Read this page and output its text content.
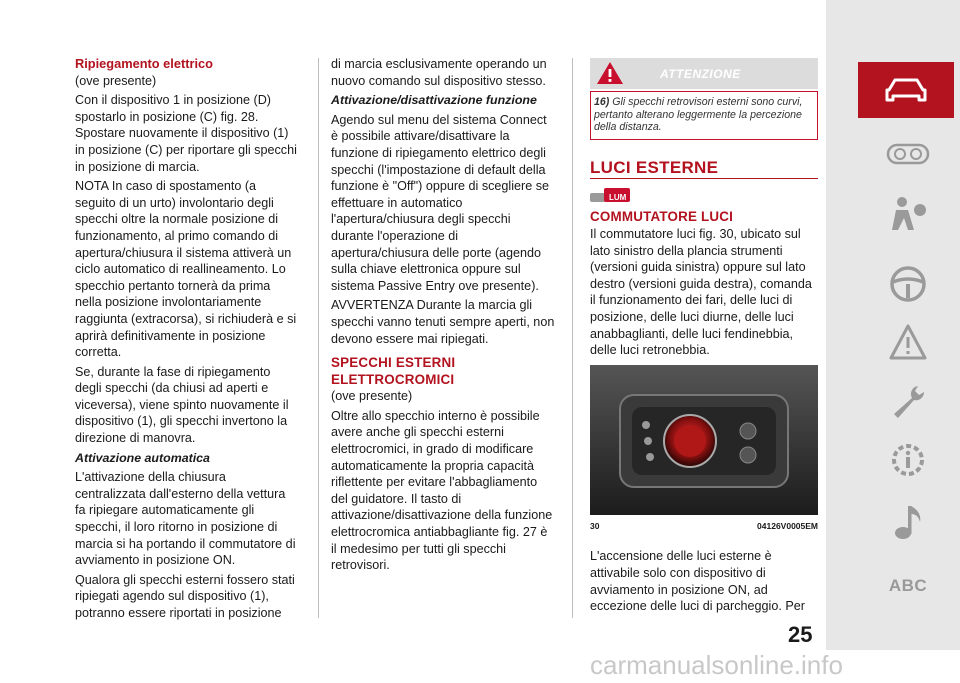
Ripiegamento elettrico

(ove presente)

Con il dispositivo 1 in posizione (D) spostarlo in posizione (C) fig. 28. Spostare nuovamente il dispositivo (1) in posizione (C) per riportare gli specchi in posizione di marcia.

NOTA In caso di spostamento (a seguito di un urto) involontario degli specchi oltre la normale posizione di funzionamento, al primo comando di apertura/chiusura il sistema attiverà un ciclo automatico di reallineamento. Lo specchio pertanto tornerà da prima nella posizione involontariamente raggiunta (extracorsa), si richiuderà e si aprirà definitivamente in posizione corretta.

Se, durante la fase di ripiegamento degli specchi (da chiusi ad aperti e viceversa), viene spinto nuovamente il dispositivo (1), gli specchi invertono la direzione di manovra.

Attivazione automatica

L'attivazione della chiusura centralizzata dall'esterno della vettura fa ripiegare automaticamente gli specchi, il loro ritorno in posizione di marcia si ha portando il commutatore di avviamento in posizione ON.

Qualora gli specchi esterni fossero stati ripiegati agendo sul dispositivo (1), potranno essere riportati in posizione

di marcia esclusivamente operando un nuovo comando sul dispositivo stesso.

Attivazione/disattivazione funzione

Agendo sul menu del sistema Connect è possibile attivare/disattivare la funzione di ripiegamento elettrico degli specchi (l'impostazione di default della funzione è "Off") oppure di scegliere se effettuare in automatico l'apertura/chiusura degli specchi durante l'operazione di apertura/chiusura delle porte (agendo sulla chiave elettronica oppure sul sistema Passive Entry ove presente).

AVVERTENZA Durante la marcia gli specchi vanno tenuti sempre aperti, non devono essere mai ripiegati.

SPECCHI ESTERNI ELETTROCROMICI

(ove presente)

Oltre allo specchio interno è possibile avere anche gli specchi esterni elettrocromici, in grado di modificare automaticamente la propria capacità riflettente per evitare l'abbagliamento del guidatore. Il tasto di attivazione/disattivazione della funzione elettrocromica antiabbagliante fig. 27 è il medesimo per tutti gli specchi retrovisori.

ATTENZIONE
16) Gli specchi retrovisori esterni sono curvi, pertanto alterano leggermente la percezione della distanza.
LUCI ESTERNE
LUM
COMMUTATORE LUCI

Il commutatore luci fig. 30, ubicato sul lato sinistro della plancia strumenti (versioni guida sinistra) oppure sul lato destro (versioni guida destra), comanda il funzionamento dei fari, delle luci di posizione, delle luci diurne, delle luci anabbaglianti, delle luci fendinebbia, delle luci retronebbia.

30	04126V0005EM

L'accensione delle luci esterne è attivabile solo con dispositivo di avviamento in posizione ON, ad eccezione delle luci di parcheggio. Per

25
ABC
carmanualsonline.info
